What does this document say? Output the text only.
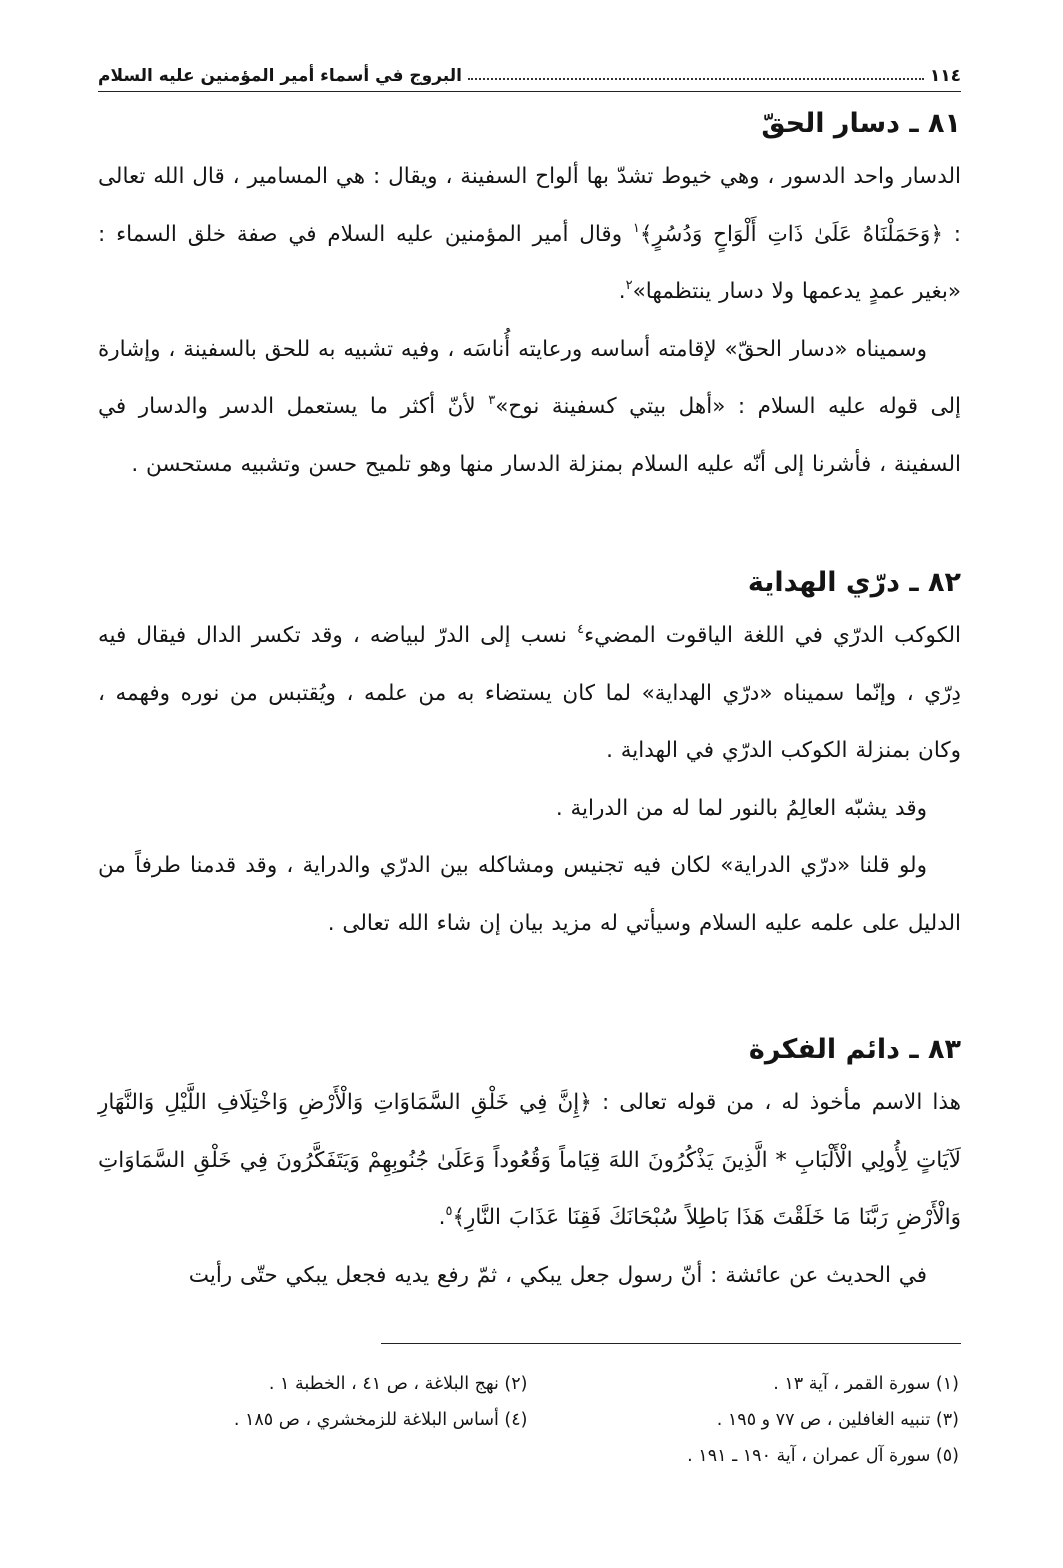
١١٤
البروج في أسماء أمير المؤمنين عليه السلام
٨١ ـ دسار الحقّ

الدسار واحد الدسور ، وهي خيوط تشدّ بها ألواح السفينة ، ويقال : هي المسامير ، قال الله تعالى : ﴿وَحَمَلْنَاهُ عَلَىٰ ذَاتِ أَلْوَاحٍ وَدُسُرٍ﴾$^١$ وقال أمير المؤمنين عليه السلام في صفة خلق السماء : «بغير عمدٍ يدعمها ولا دسار ينتظمها»$^٢$.

وسميناه «دسار الحقّ» لإقامته أساسه ورعايته أُناسَه ، وفيه تشبيه به للحق بالسفينة ، وإشارة إلى قوله عليه السلام : «أهل بيتي كسفينة نوح»$^٣$ لأنّ أكثر ما يستعمل الدسر والدسار في السفينة ، فأشرنا إلى أنّه عليه السلام بمنزلة الدسار منها وهو تلميح حسن وتشبيه مستحسن .

٨٢ ـ درّي الهداية

الكوكب الدرّي في اللغة الياقوت المضيء$^٤$ نسب إلى الدرّ لبياضه ، وقد تكسر الدال فيقال فيه دِرّي ، وإنّما سميناه «درّي الهداية» لما كان يستضاء به من علمه ، ويُقتبس من نوره وفهمه ، وكان بمنزلة الكوكب الدرّي في الهداية .

وقد يشبّه العالِمُ بالنور لما له من الدراية .

ولو قلنا «درّي الدراية» لكان فيه تجنيس ومشاكله بين الدرّي والدراية ، وقد قدمنا طرفاً من الدليل على علمه عليه السلام وسيأتي له مزيد بيان إن شاء الله تعالى .

٨٣ ـ دائم الفكرة

هذا الاسم مأخوذ له ، من قوله تعالى : ﴿إِنَّ فِي خَلْقِ السَّمَاوَاتِ وَالْأَرْضِ وَاخْتِلَافِ اللَّيْلِ وَالنَّهَارِ لَآيَاتٍ لِأُولِي الْأَلْبَابِ * الَّذِينَ يَذْكُرُونَ اللهَ قِيَاماً وَقُعُوداً وَعَلَىٰ جُنُوبِهِمْ وَيَتَفَكَّرُونَ فِي خَلْقِ السَّمَاوَاتِ وَالْأَرْضِ رَبَّنَا مَا خَلَقْتَ هَذَا بَاطِلاً سُبْحَانَكَ فَقِنَا عَذَابَ النَّارِ﴾$^٥$.

في الحديث عن عائشة : أنّ رسول جعل يبكي ، ثمّ رفع يديه فجعل يبكي حتّى رأيت

(١) سورة القمر ، آية ١٣ .
(٢) نهج البلاغة ، ص ٤١ ، الخطبة ١ .
(٣) تنبيه الغافلين ، ص ٧٧ و ١٩٥ .
(٤) أساس البلاغة للزمخشري ، ص ١٨٥ .
(٥) سورة آل عمران ، آية ١٩٠ ـ ١٩١ .
